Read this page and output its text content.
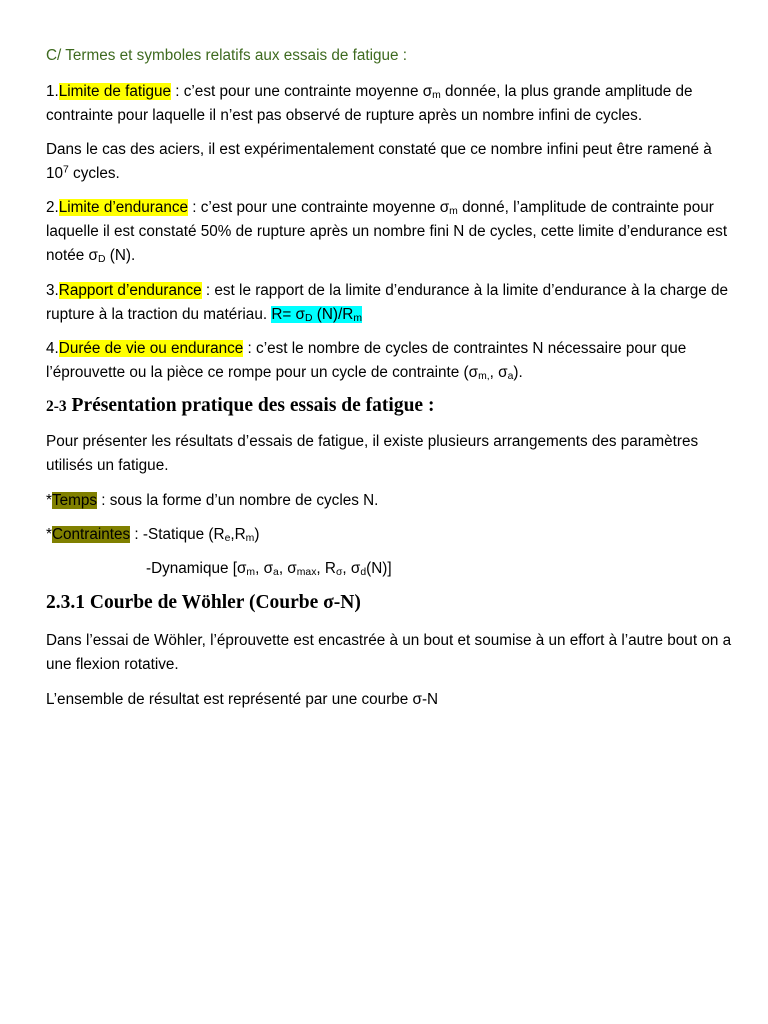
C/ Termes et symboles relatifs aux essais de fatigue :

1.Limite de fatigue : c’est pour une contrainte moyenne $\sigma_m$ donnée, la plus grande amplitude de contrainte pour laquelle il n’est pas observé de rupture après un nombre infini de cycles.

Dans le cas des aciers, il est expérimentalement constaté que ce nombre infini peut être ramené à $10^7$ cycles.

2.Limite d’endurance : c’est pour une contrainte moyenne $\sigma_m$ donné, l’amplitude de contrainte pour laquelle il est constaté 50% de rupture après un nombre fini N de cycles, cette limite d’endurance est notée $\sigma_D$ (N).

3.Rapport d’endurance : est le rapport de la limite d’endurance à la limite d’endurance à la charge de rupture à la traction du matériau. $R= \sigma_D$ $(N)/R_m$

4.Durée de vie ou endurance : c’est le nombre de cycles de contraintes N nécessaire pour que l’éprouvette ou la pièce ce rompe pour un cycle de contrainte ($\sigma_{m,}$, $\sigma_a$).

2-3 Présentation pratique des essais de fatigue :

Pour présenter les résultats d’essais de fatigue, il existe plusieurs arrangements des paramètres utilisés un fatigue.

*Temps : sous la forme d’un nombre de cycles N.

*Contraintes : -Statique $(R_e,R_m)$

-Dynamique [$\sigma_m$, $\sigma_a$, $\sigma_{max}$, $R_\sigma$, $\sigma_d(N)$]

2.3.1 Courbe de Wöhler (Courbe σ-N)

Dans l’essai de Wöhler, l’éprouvette est encastrée à un bout et soumise à un effort à l’autre bout on a une flexion rotative.

L’ensemble de résultat est représenté par une courbe σ-N
